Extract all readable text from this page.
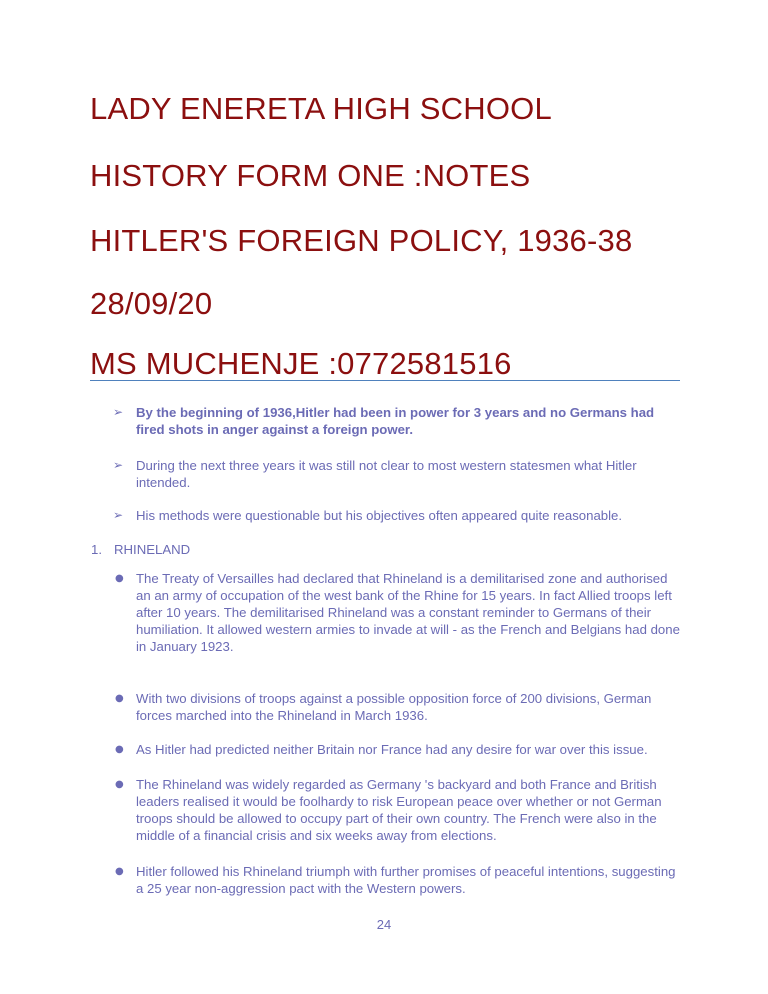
LADY ENERETA HIGH SCHOOL
HISTORY FORM ONE :NOTES
HITLER'S FOREIGN POLICY, 1936-38
28/09/20
MS MUCHENJE :0772581516
➢ By the beginning of 1936,Hitler had been in power for 3 years and no Germans had fired shots in anger against a foreign power.
➢ During the next three years it was still not clear to most western statesmen what Hitler intended.
➢ His methods were questionable but his objectives often appeared quite reasonable.
1. RHINELAND
● The Treaty of Versailles had declared that Rhineland is a demilitarised zone and authorised an an army of occupation of the west bank of the Rhine for 15 years. In fact Allied troops left after 10 years. The demilitarised Rhineland was a constant reminder to Germans of their humiliation. It allowed western armies to invade at will - as the French and Belgians had done in January 1923.
● With two divisions of troops against a possible opposition force of 200 divisions, German forces marched into the Rhineland in March 1936.
● As Hitler had predicted neither Britain nor France had any desire for war over this issue.
● The Rhineland was widely regarded as Germany 's backyard and both France and British leaders realised it would be foolhardy to risk European peace over whether or not German troops should be allowed to occupy part of their own country. The French were also in the middle of a financial crisis and six weeks away from elections.
● Hitler followed his Rhineland triumph with further promises of peaceful intentions, suggesting a 25 year non-aggression pact with the Western powers.
24
